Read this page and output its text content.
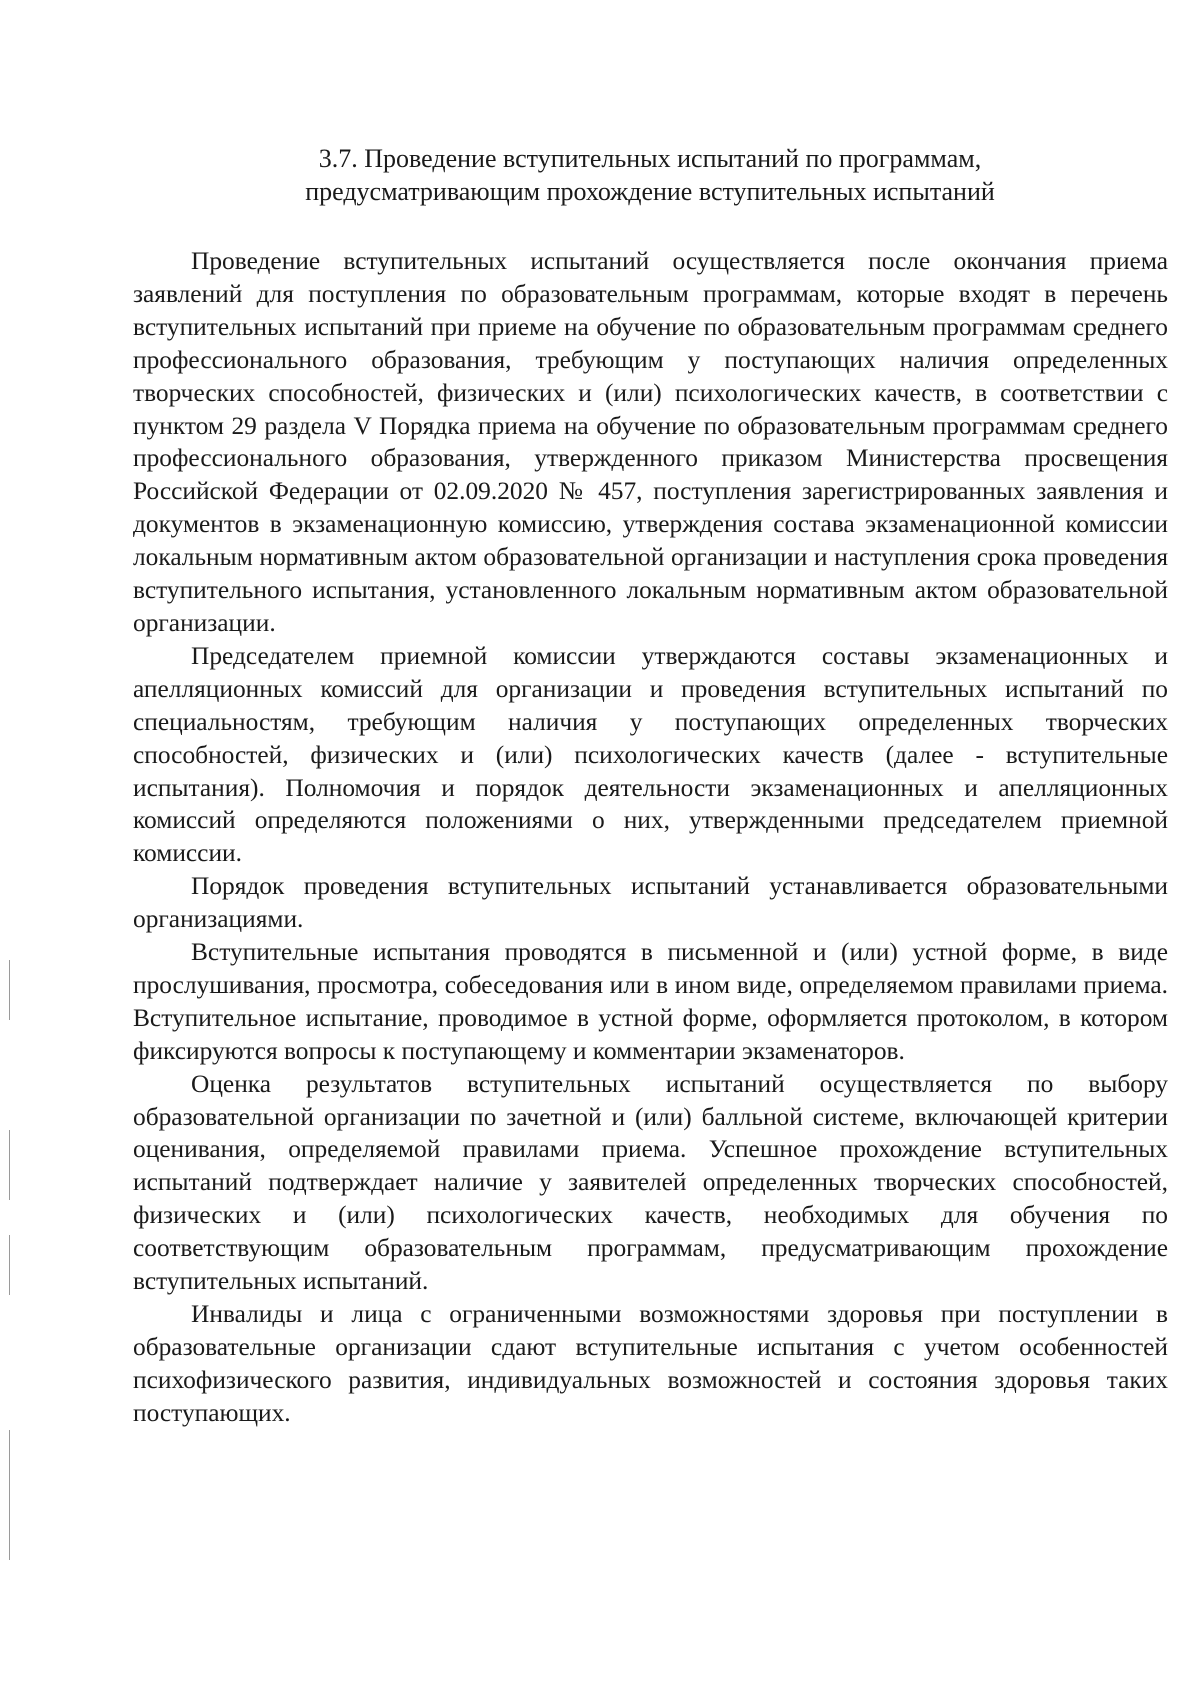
3.7. Проведение вступительных испытаний по программам,
предусматривающим прохождение вступительных испытаний

Проведение вступительных испытаний осуществляется после окончания приема заявлений для поступления по образовательным программам, которые входят в перечень вступительных испытаний при приеме на обучение по образовательным программам среднего профессионального образования, требующим у поступающих наличия определенных творческих способностей, физических и (или) психологических качеств, в соответствии с пунктом 29 раздела V Порядка приема на обучение по образовательным программам среднего профессионального образования, утвержденного приказом Министерства просвещения Российской Федерации от 02.09.2020 № 457, поступления зарегистрированных заявления и документов в экзаменационную комиссию, утверждения состава экзаменационной комиссии локальным нормативным актом образовательной организации и наступления срока проведения вступительного испытания, установленного локальным нормативным актом образовательной организации.

Председателем приемной комиссии утверждаются составы экзаменационных и апелляционных комиссий для организации и проведения вступительных испытаний по специальностям, требующим наличия у поступающих определенных творческих способностей, физических и (или) психологических качеств (далее - вступительные испытания). Полномочия и порядок деятельности экзаменационных и апелляционных комиссий определяются положениями о них, утвержденными председателем приемной комиссии.

Порядок проведения вступительных испытаний устанавливается образовательными организациями.

Вступительные испытания проводятся в письменной и (или) устной форме, в виде прослушивания, просмотра, собеседования или в ином виде, определяемом правилами приема. Вступительное испытание, проводимое в устной форме, оформляется протоколом, в котором фиксируются вопросы к поступающему и комментарии экзаменаторов.

Оценка результатов вступительных испытаний осуществляется по выбору образовательной организации по зачетной и (или) балльной системе, включающей критерии оценивания, определяемой правилами приема. Успешное прохождение вступительных испытаний подтверждает наличие у заявителей определенных творческих способностей, физических и (или) психологических качеств, необходимых для обучения по соответствующим образовательным программам, предусматривающим прохождение вступительных испытаний.

Инвалиды и лица с ограниченными возможностями здоровья при поступлении в образовательные организации сдают вступительные испытания с учетом особенностей психофизического развития, индивидуальных возможностей и состояния здоровья таких поступающих.
